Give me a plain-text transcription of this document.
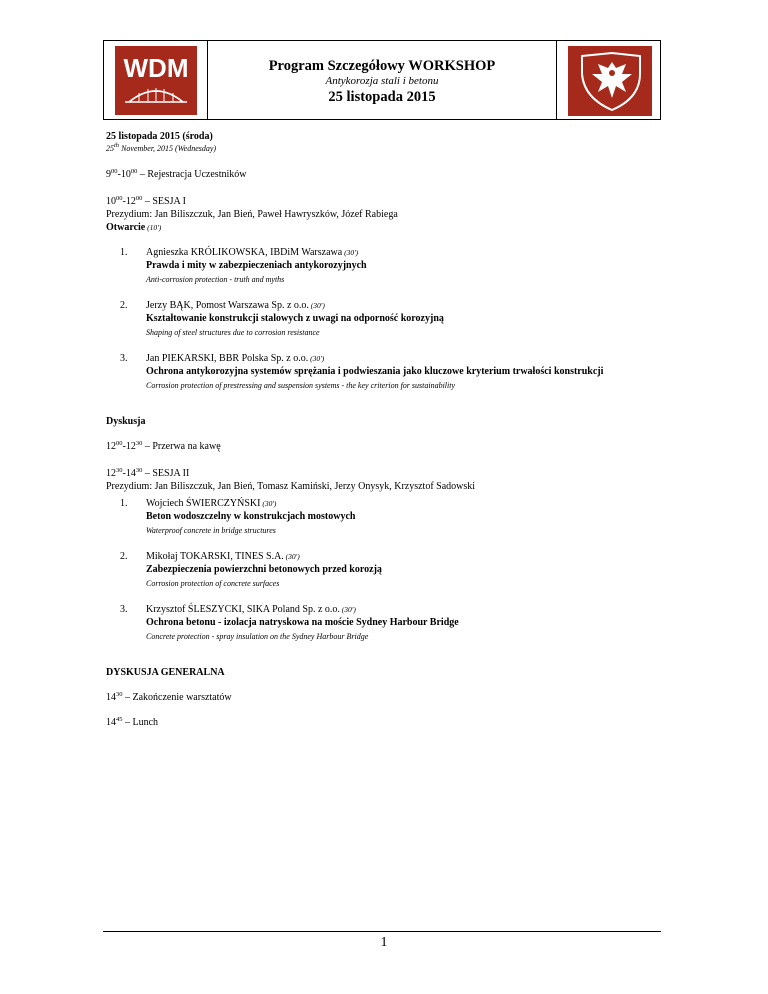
WDM	Program Szczegółowy WORKSHOP
Antykorozja stali i betonu
25 listopada 2015
25 listopada 2015 (środa)
25th November, 2015 (Wednesday)
$9^{00}-10^{00}$ – Rejestracja Uczestników
$10^{00}-12^{00}$ – SESJA I
Prezydium: Jan Biliszczuk, Jan Bień, Paweł Hawryszków, Józef Rabiega
Otwarcie (10')
1.	Agnieszka KRÓLIKOWSKA, IBDiM Warszawa (30')
Prawda i mity w zabezpieczeniach antykorozyjnych
Anti-corrosion protection - truth and myths
2.	Jerzy BĄK, Pomost Warszawa Sp. z o.o. (30')
Kształtowanie konstrukcji stalowych z uwagi na odporność korozyjną
Shaping of steel structures due to corrosion resistance
3.	Jan PIEKARSKI, BBR Polska Sp. z o.o. (30')
Ochrona antykorozyjna systemów sprężania i podwieszania jako kluczowe kryterium trwałości konstrukcji
Corrosion protection of prestressing and suspension systems - the key criterion for sustainability
Dyskusja
$12^{00}-12^{30}$ – Przerwa na kawę
$12^{30}-14^{30}$ – SESJA II
Prezydium: Jan Biliszczuk, Jan Bień, Tomasz Kamiński, Jerzy Onysyk, Krzysztof Sadowski
1.	Wojciech ŚWIERCZYŃSKI (30')
Beton wodoszczelny w konstrukcjach mostowych
Waterproof concrete in bridge structures
2.	Mikołaj TOKARSKI, TINES S.A. (30')
Zabezpieczenia powierzchni betonowych przed korozją
Corrosion protection of concrete surfaces
3.	Krzysztof ŚLESZYCKI, SIKA Poland Sp. z o.o. (30')
Ochrona betonu - izolacja natryskowa na moście Sydney Harbour Bridge
Concrete protection - spray insulation on the Sydney Harbour Bridge
DYSKUSJA GENERALNA
$14^{30}$ – Zakończenie warsztatów
$14^{45}$ – Lunch
1
